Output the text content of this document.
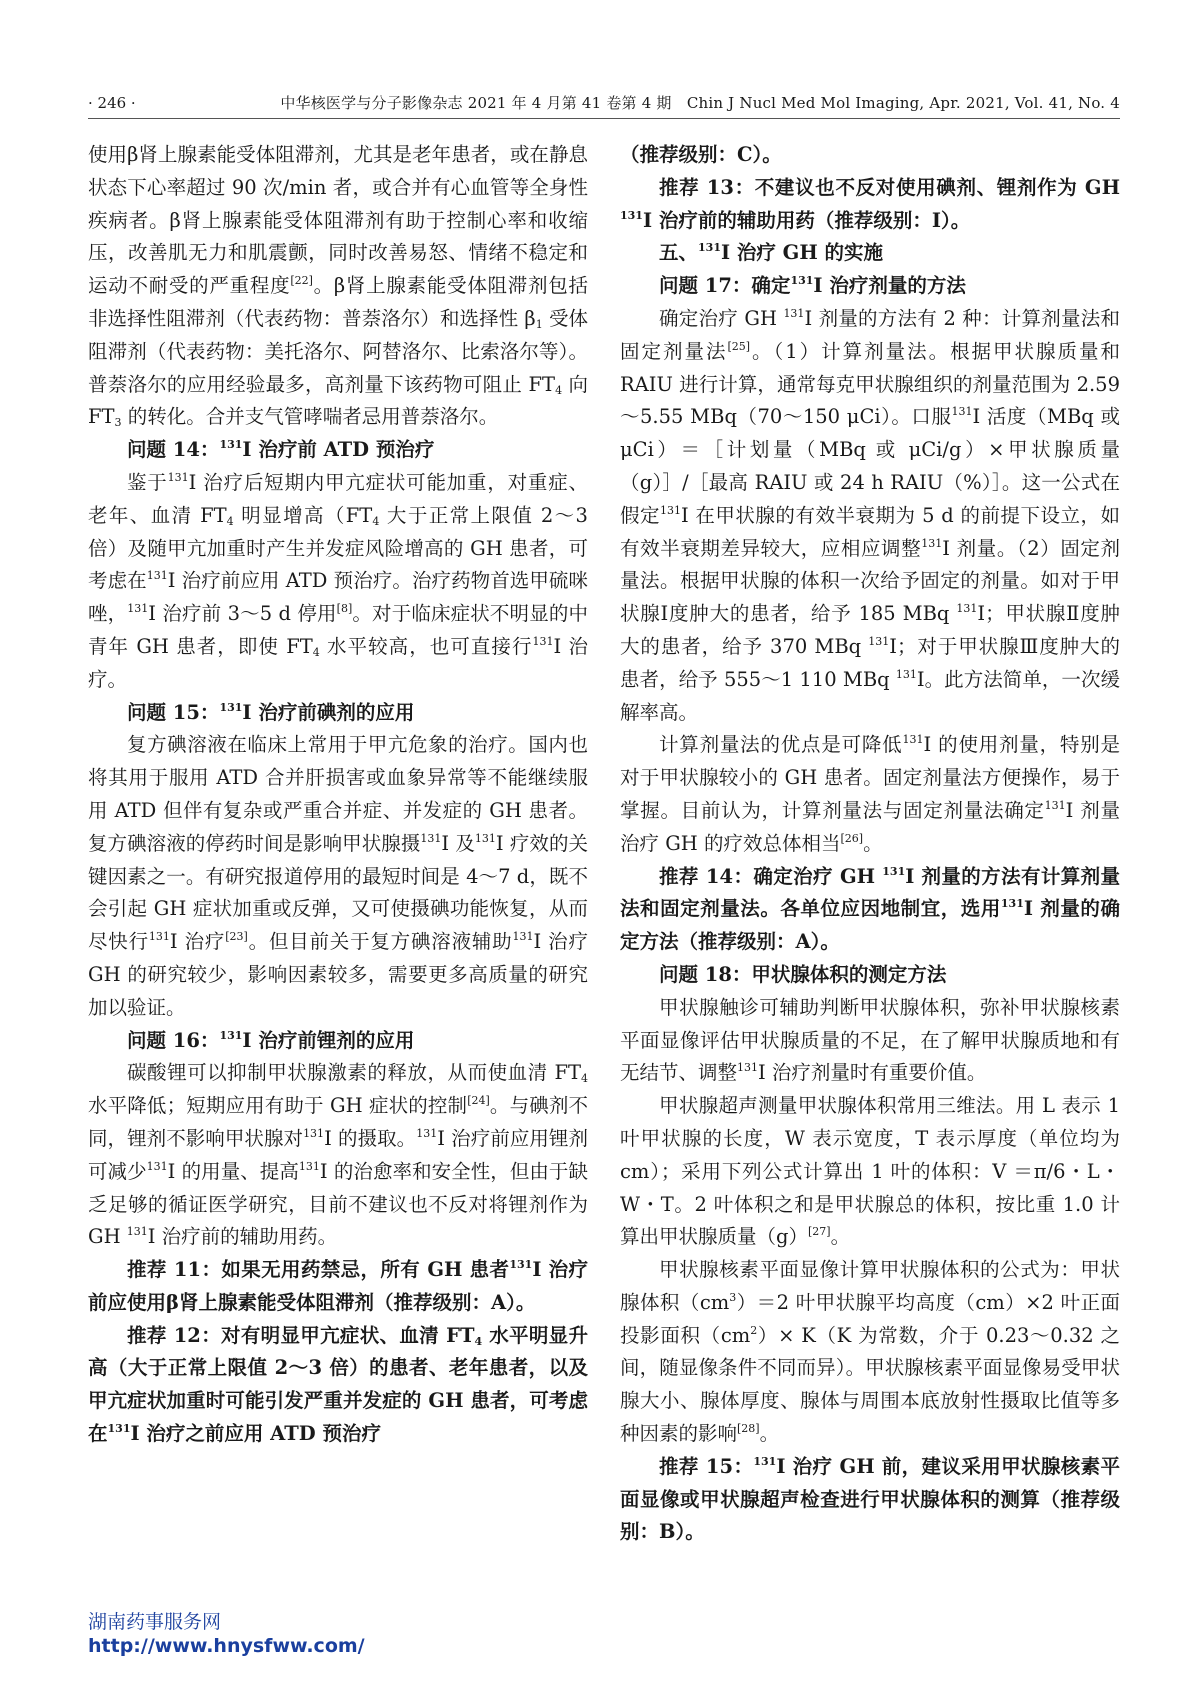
· 246 ·	中华核医学与分子影像杂志 2021 年 4 月第 41 卷第 4 期　Chin J Nucl Med Mol Imaging, Apr. 2021, Vol. 41, No. 4

使用β肾上腺素能受体阻滞剂，尤其是老年患者，或在静息状态下心率超过 90 次/min 者，或合并有心血管等全身性疾病者。β肾上腺素能受体阻滞剂有助于控制心率和收缩压，改善肌无力和肌震颤，同时改善易怒、情绪不稳定和运动不耐受的严重程度[22]。β肾上腺素能受体阻滞剂包括非选择性阻滞剂（代表药物：普萘洛尔）和选择性 $\beta_1$ 受体阻滞剂（代表药物：美托洛尔、阿替洛尔、比索洛尔等）。普萘洛尔的应用经验最多，高剂量下该药物可阻止 $FT_4$ 向 $FT_3$ 的转化。合并支气管哮喘者忌用普萘洛尔。

问题 14：$^{131}$I 治疗前 ATD 预治疗

鉴于$^{131}$I 治疗后短期内甲亢症状可能加重，对重症、老年、血清 $FT_4$ 明显增高（$FT_4$ 大于正常上限值 2～3 倍）及随甲亢加重时产生并发症风险增高的 GH 患者，可考虑在$^{131}$I 治疗前应用 ATD 预治疗。治疗药物首选甲硫咪唑，$^{131}$I 治疗前 3～5 d 停用[8]。对于临床症状不明显的中青年 GH 患者，即使 $FT_4$ 水平较高，也可直接行$^{131}$I 治疗。

问题 15：$^{131}$I 治疗前碘剂的应用

复方碘溶液在临床上常用于甲亢危象的治疗。国内也将其用于服用 ATD 合并肝损害或血象异常等不能继续服用 ATD 但伴有复杂或严重合并症、并发症的 GH 患者。复方碘溶液的停药时间是影响甲状腺摄$^{131}$I 及$^{131}$I 疗效的关键因素之一。有研究报道停用的最短时间是 4～7 d，既不会引起 GH 症状加重或反弹，又可使摄碘功能恢复，从而尽快行$^{131}$I 治疗[23]。但目前关于复方碘溶液辅助$^{131}$I 治疗 GH 的研究较少，影响因素较多，需要更多高质量的研究加以验证。

问题 16：$^{131}$I 治疗前锂剂的应用

碳酸锂可以抑制甲状腺激素的释放，从而使血清 $FT_4$ 水平降低；短期应用有助于 GH 症状的控制[24]。与碘剂不同，锂剂不影响甲状腺对$^{131}$I 的摄取。$^{131}$I 治疗前应用锂剂可减少$^{131}$I 的用量、提高$^{131}$I 的治愈率和安全性，但由于缺乏足够的循证医学研究，目前不建议也不反对将锂剂作为 GH $^{131}$I 治疗前的辅助用药。

推荐 11：如果无用药禁忌，所有 GH 患者$^{131}$I 治疗前应使用β肾上腺素能受体阻滞剂（推荐级别：A）。

推荐 12：对有明显甲亢症状、血清 $FT_4$ 水平明显升高（大于正常上限值 2～3 倍）的患者、老年患者，以及甲亢症状加重时可能引发严重并发症的 GH 患者，可考虑在$^{131}$I 治疗之前应用 ATD 预治疗

（推荐级别：C）。

推荐 13：不建议也不反对使用碘剂、锂剂作为 GH $^{131}$I 治疗前的辅助用药（推荐级别：I）。

五、$^{131}$I 治疗 GH 的实施

问题 17：确定$^{131}$I 治疗剂量的方法

确定治疗 GH $^{131}$I 剂量的方法有 2 种：计算剂量法和固定剂量法[25]。（1）计算剂量法。根据甲状腺质量和 RAIU 进行计算，通常每克甲状腺组织的剂量范围为 2.59～5.55 MBq（70～150 μCi）。口服$^{131}$I 活度（MBq 或 μCi）＝［计划量（MBq 或 μCi/g）×甲状腺质量（g）］/［最高 RAIU 或 24 h RAIU（%）］。这一公式在假定$^{131}$I 在甲状腺的有效半衰期为 5 d 的前提下设立，如有效半衰期差异较大，应相应调整$^{131}$I 剂量。（2）固定剂量法。根据甲状腺的体积一次给予固定的剂量。如对于甲状腺Ⅰ度肿大的患者，给予 185 MBq $^{131}$I；甲状腺Ⅱ度肿大的患者，给予 370 MBq $^{131}$I；对于甲状腺Ⅲ度肿大的患者，给予 555～1 110 MBq $^{131}$I。此方法简单，一次缓解率高。

计算剂量法的优点是可降低$^{131}$I 的使用剂量，特别是对于甲状腺较小的 GH 患者。固定剂量法方便操作，易于掌握。目前认为，计算剂量法与固定剂量法确定$^{131}$I 剂量治疗 GH 的疗效总体相当[26]。

推荐 14：确定治疗 GH $^{131}$I 剂量的方法有计算剂量法和固定剂量法。各单位应因地制宜，选用$^{131}$I 剂量的确定方法（推荐级别：A）。

问题 18：甲状腺体积的测定方法

甲状腺触诊可辅助判断甲状腺体积，弥补甲状腺核素平面显像评估甲状腺质量的不足，在了解甲状腺质地和有无结节、调整$^{131}$I 治疗剂量时有重要价值。

甲状腺超声测量甲状腺体积常用三维法。用 L 表示 1 叶甲状腺的长度，W 表示宽度，T 表示厚度（单位均为 cm）；采用下列公式计算出 1 叶的体积：V ＝π/6・L・W・T。2 叶体积之和是甲状腺总的体积，按比重 1.0 计算出甲状腺质量（g）[27]。

甲状腺核素平面显像计算甲状腺体积的公式为：甲状腺体积$(cm^3)=2$ 叶甲状腺平均高度（cm）×2 叶正面投影面积$(cm^2)\times K(K$ 为常数，介于 0.23～0.32 之间，随显像条件不同而异）。甲状腺核素平面显像易受甲状腺大小、腺体厚度、腺体与周围本底放射性摄取比值等多种因素的影响[28]。

推荐 15：$^{131}$I 治疗 GH 前，建议采用甲状腺核素平面显像或甲状腺超声检查进行甲状腺体积的测算（推荐级别：B）。

湖南药事服务网
http://www.hnysfww.com/
